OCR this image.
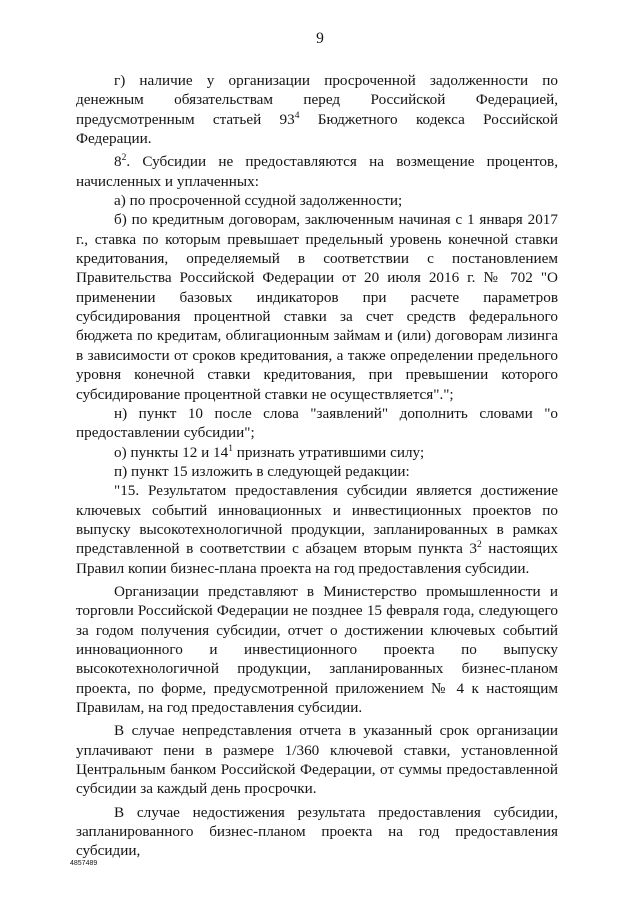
9

г) наличие у организации просроченной задолженности по денежным обязательствам перед Российской Федерацией, предусмотренным статьей $93^4$ Бюджетного кодекса Российской Федерации.

$8^2$. Субсидии не предоставляются на возмещение процентов, начисленных и уплаченных:

а) по просроченной ссудной задолженности;

б) по кредитным договорам, заключенным начиная с 1 января 2017 г., ставка по которым превышает предельный уровень конечной ставки кредитования, определяемый в соответствии с постановлением Правительства Российской Федерации от 20 июля 2016 г. № 702 "О применении базовых индикаторов при расчете параметров субсидирования процентной ставки за счет средств федерального бюджета по кредитам, облигационным займам и (или) договорам лизинга в зависимости от сроков кредитования, а также определении предельного уровня конечной ставки кредитования, при превышении которого субсидирование процентной ставки не осуществляется".";

н) пункт 10 после слова "заявлений" дополнить словами "о предоставлении субсидии";

о) пункты 12 и $14^1$ признать утратившими силу;

п) пункт 15 изложить в следующей редакции:

"15. Результатом предоставления субсидии является достижение ключевых событий инновационных и инвестиционных проектов по выпуску высокотехнологичной продукции, запланированных в рамках представленной в соответствии с абзацем вторым пункта $3^2$ настоящих Правил копии бизнес-плана проекта на год предоставления субсидии.

Организации представляют в Министерство промышленности и торговли Российской Федерации не позднее 15 февраля года, следующего за годом получения субсидии, отчет о достижении ключевых событий инновационного и инвестиционного проекта по выпуску высокотехнологичной продукции, запланированных бизнес-планом проекта, по форме, предусмотренной приложением № 4 к настоящим Правилам, на год предоставления субсидии.

В случае непредставления отчета в указанный срок организации уплачивают пени в размере 1/360 ключевой ставки, установленной Центральным банком Российской Федерации, от суммы предоставленной субсидии за каждый день просрочки.

В случае недостижения результата предоставления субсидии, запланированного бизнес-планом проекта на год предоставления субсидии,

4857489
